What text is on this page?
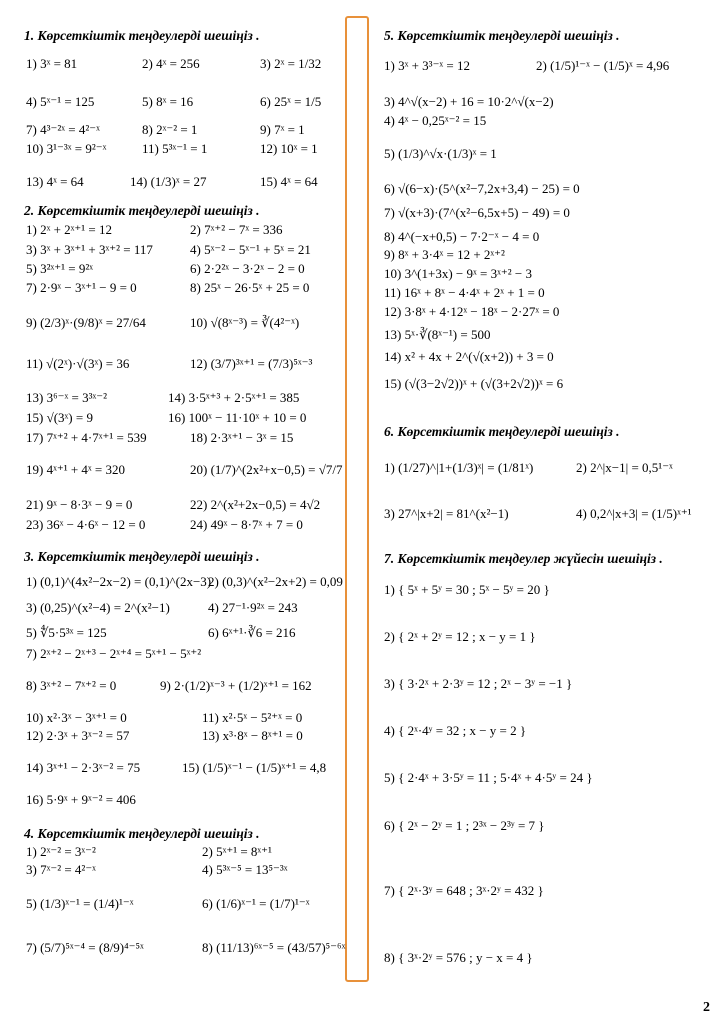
1. Көрсеткіштік теңдеулерді шешіңіз .
1) 3ˣ = 81	2) 4ˣ = 256	3) 2ˣ = 1/32
4) 5ˣ⁻¹ = 125	5) 8ˣ = 16	6) 25ˣ = 1/5
7) 4³⁻²ˣ = 4²⁻ˣ	8) 2ˣ⁻² = 1	9) 7ˣ = 1
10) 3¹⁻³ˣ = 9²⁻ˣ	11) 5³ˣ⁻¹ = 1	12) 10ˣ = 1
13) 4ˣ = 64	14) (1/3)ˣ = 27	15) 4ˣ = 64
2. Көрсеткіштік теңдеулерді шешіңіз .
1) 2ˣ + 2ˣ⁺¹ = 12	2) 7ˣ⁺² − 7ˣ = 336
3) 3ˣ + 3ˣ⁺¹ + 3ˣ⁺² = 117	4) 5ˣ⁻² − 5ˣ⁻¹ + 5ˣ = 21
5) 3²ˣ⁺¹ = 9²ˣ	6) 2·2²ˣ − 3·2ˣ − 2 = 0
7) 2·9ˣ − 3ˣ⁺¹ − 9 = 0	8) 25ˣ − 26·5ˣ + 25 = 0
9) (2/3)ˣ·(9/8)ˣ = 27/64	10) √(8ˣ⁻³) = ∛(4²⁻ˣ)
11) √(2ˣ)·√(3ˣ) = 36	12) (3/7)³ˣ⁺¹ = (7/3)⁵ˣ⁻³
13) 3⁶⁻ˣ = 3³ˣ⁻²	14) 3·5ˣ⁺³ + 2·5ˣ⁺¹ = 385
15) √(3ˣ) = 9	16) 100ˣ − 11·10ˣ + 10 = 0
17) 7ˣ⁺² + 4·7ˣ⁺¹ = 539	18) 2·3ˣ⁺¹ − 3ˣ = 15
19) 4ˣ⁺¹ + 4ˣ = 320	20) (1/7)^(2x²+x−0,5) = √7/7
21) 9ˣ − 8·3ˣ − 9 = 0	22) 2^(x²+2x−0,5) = 4√2
23) 36ˣ − 4·6ˣ − 12 = 0	24) 49ˣ − 8·7ˣ + 7 = 0
3. Көрсеткіштік теңдеулерді шешіңіз .
1) (0,1)^(4x²−2x−2) = (0,1)^(2x−3)
2) (0,3)^(x²−2x+2) = 0,09
3) (0,25)^(x²−4) = 2^(x²−1)	4) 27⁻¹·9²ˣ = 243
5) ∜5·5³ˣ = 125	6) 6ˣ⁺¹·∛6 = 216
7) 2ˣ⁺² − 2ˣ⁺³ − 2ˣ⁺⁴ = 5ˣ⁺¹ − 5ˣ⁺²
8) 3ˣ⁺² − 7ˣ⁺² = 0	9) 2·(1/2)ˣ⁻³ + (1/2)ˣ⁺¹ = 162
10) x²·3ˣ − 3ˣ⁺¹ = 0	11) x²·5ˣ − 5²⁺ˣ = 0
12) 2·3ˣ + 3ˣ⁻² = 57	13) x³·8ˣ − 8ˣ⁺¹ = 0
14) 3ˣ⁺¹ − 2·3ˣ⁻² = 75	15) (1/5)ˣ⁻¹ − (1/5)ˣ⁺¹ = 4,8
16) 5·9ˣ + 9ˣ⁻² = 406
4. Көрсеткіштік теңдеулерді шешіңіз .
1) 2ˣ⁻² = 3ˣ⁻²	2) 5ˣ⁺¹ = 8ˣ⁺¹
3) 7ˣ⁻² = 4²⁻ˣ	4) 5³ˣ⁻⁵ = 13⁵⁻³ˣ
5) (1/3)ˣ⁻¹ = (1/4)¹⁻ˣ	6) (1/6)ˣ⁻¹ = (1/7)¹⁻ˣ
7) (5/7)⁵ˣ⁻⁴ = (8/9)⁴⁻⁵ˣ	8) (11/13)⁶ˣ⁻⁵ = (43/57)⁵⁻⁶ˣ
5. Көрсеткіштік теңдеулерді шешіңіз .
1) 3ˣ + 3³⁻ˣ = 12	2) (1/5)¹⁻ˣ − (1/5)ˣ = 4,96
3) 4^√(x−2) + 16 = 10·2^√(x−2)
4) 4ˣ − 0,25ˣ⁻² = 15
5) (1/3)^√x·(1/3)ˣ = 1
6) √(6−x)·(5^(x²−7,2x+3,4) − 25) = 0
7) √(x+3)·(7^(x²−6,5x+5) − 49) = 0
8) 4^(−x+0,5) − 7·2⁻ˣ − 4 = 0
9) 8ˣ + 3·4ˣ = 12 + 2ˣ⁺²
10) 3^(1+3x) − 9ˣ = 3ˣ⁺² − 3
11) 16ˣ + 8ˣ − 4·4ˣ + 2ˣ + 1 = 0
12) 3·8ˣ + 4·12ˣ − 18ˣ − 2·27ˣ = 0
13) 5ˣ·∛(8ˣ⁻¹) = 500
14) x² + 4x + 2^(√(x+2)) + 3 = 0
15) (√(3−2√2))ˣ + (√(3+2√2))ˣ = 6
6. Көрсеткіштік теңдеулерді шешіңіз .
1) (1/27)^|1+(1/3)ˣ| = (1/81ˣ)	2) 2^|x−1| = 0,5¹⁻ˣ
3) 27^|x+2| = 81^(x²−1)	4) 0,2^|x+3| = (1/5)ˣ⁺¹
7. Көрсеткіштік теңдеулер жүйесін шешіңіз .
1) { 5ˣ + 5ʸ = 30 ; 5ˣ − 5ʸ = 20 }
2) { 2ˣ + 2ʸ = 12 ; x − y = 1 }
3) { 3·2ˣ + 2·3ʸ = 12 ; 2ˣ − 3ʸ = −1 }
4) { 2ˣ·4ʸ = 32 ; x − y = 2 }
5) { 2·4ˣ + 3·5ʸ = 11 ; 5·4ˣ + 4·5ʸ = 24 }
6) { 2ˣ − 2ʸ = 1 ; 2³ˣ − 2³ʸ = 7 }
7) { 2ˣ·3ʸ = 648 ; 3ˣ·2ʸ = 432 }
8) { 3ˣ·2ʸ = 576 ; y − x = 4 }
2
